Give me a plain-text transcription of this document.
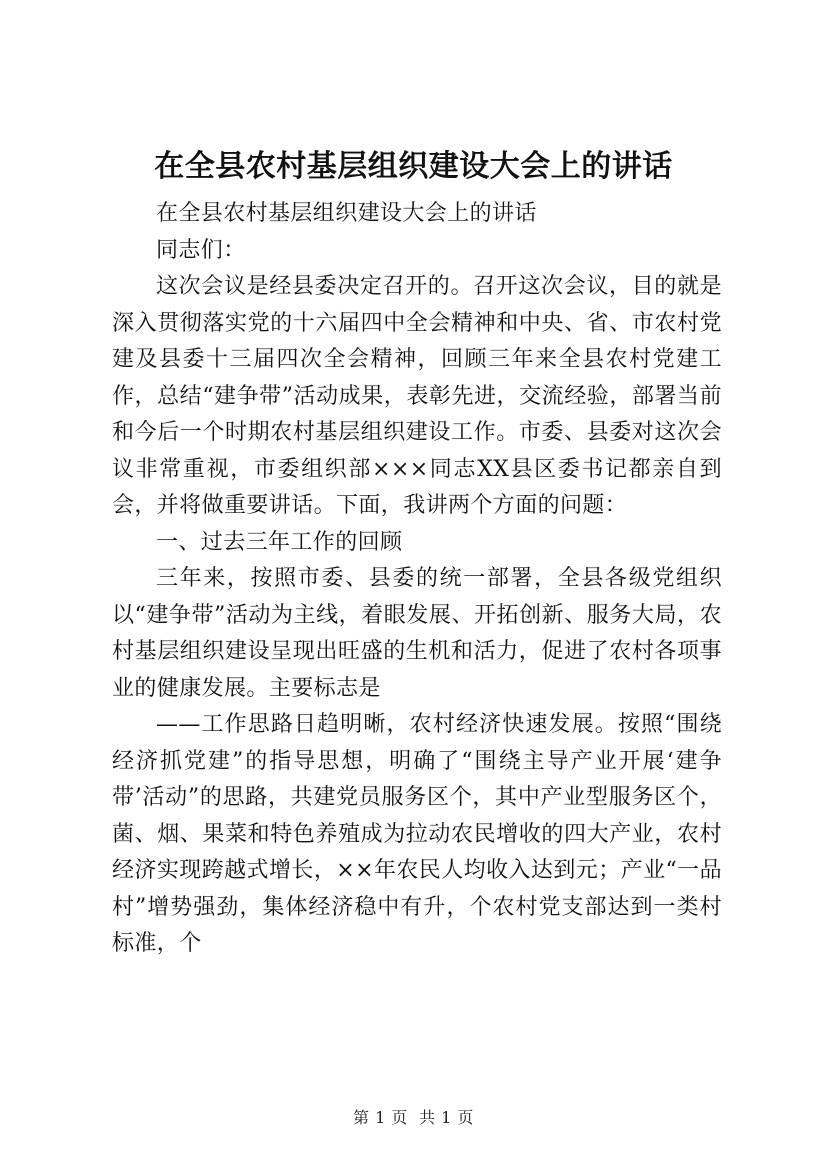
在全县农村基层组织建设大会上的讲话

在全县农村基层组织建设大会上的讲话

同志们：

这次会议是经县委决定召开的。召开这次会议，目的就是深入贯彻落实党的十六届四中全会精神和中央、省、市农村党建及县委十三届四次全会精神，回顾三年来全县农村党建工作，总结“建争带”活动成果，表彰先进，交流经验，部署当前和今后一个时期农村基层组织建设工作。市委、县委对这次会议非常重视，市委组织部×××同志XX县区委书记都亲自到会，并将做重要讲话。下面，我讲两个方面的问题：

一、过去三年工作的回顾

三年来，按照市委、县委的统一部署，全县各级党组织以“建争带”活动为主线，着眼发展、开拓创新、服务大局，农村基层组织建设呈现出旺盛的生机和活力，促进了农村各项事业的健康发展。主要标志是

——工作思路日趋明晰，农村经济快速发展。按照“围绕经济抓党建”的指导思想，明确了“围绕主导产业开展‘建争带’活动”的思路，共建党员服务区个，其中产业型服务区个，菌、烟、果菜和特色养殖成为拉动农民增收的四大产业，农村经济实现跨越式增长，××年农民人均收入达到元；产业“一品村”增势强劲，集体经济稳中有升，个农村党支部达到一类村标准，个

第 1 页  共 1 页
